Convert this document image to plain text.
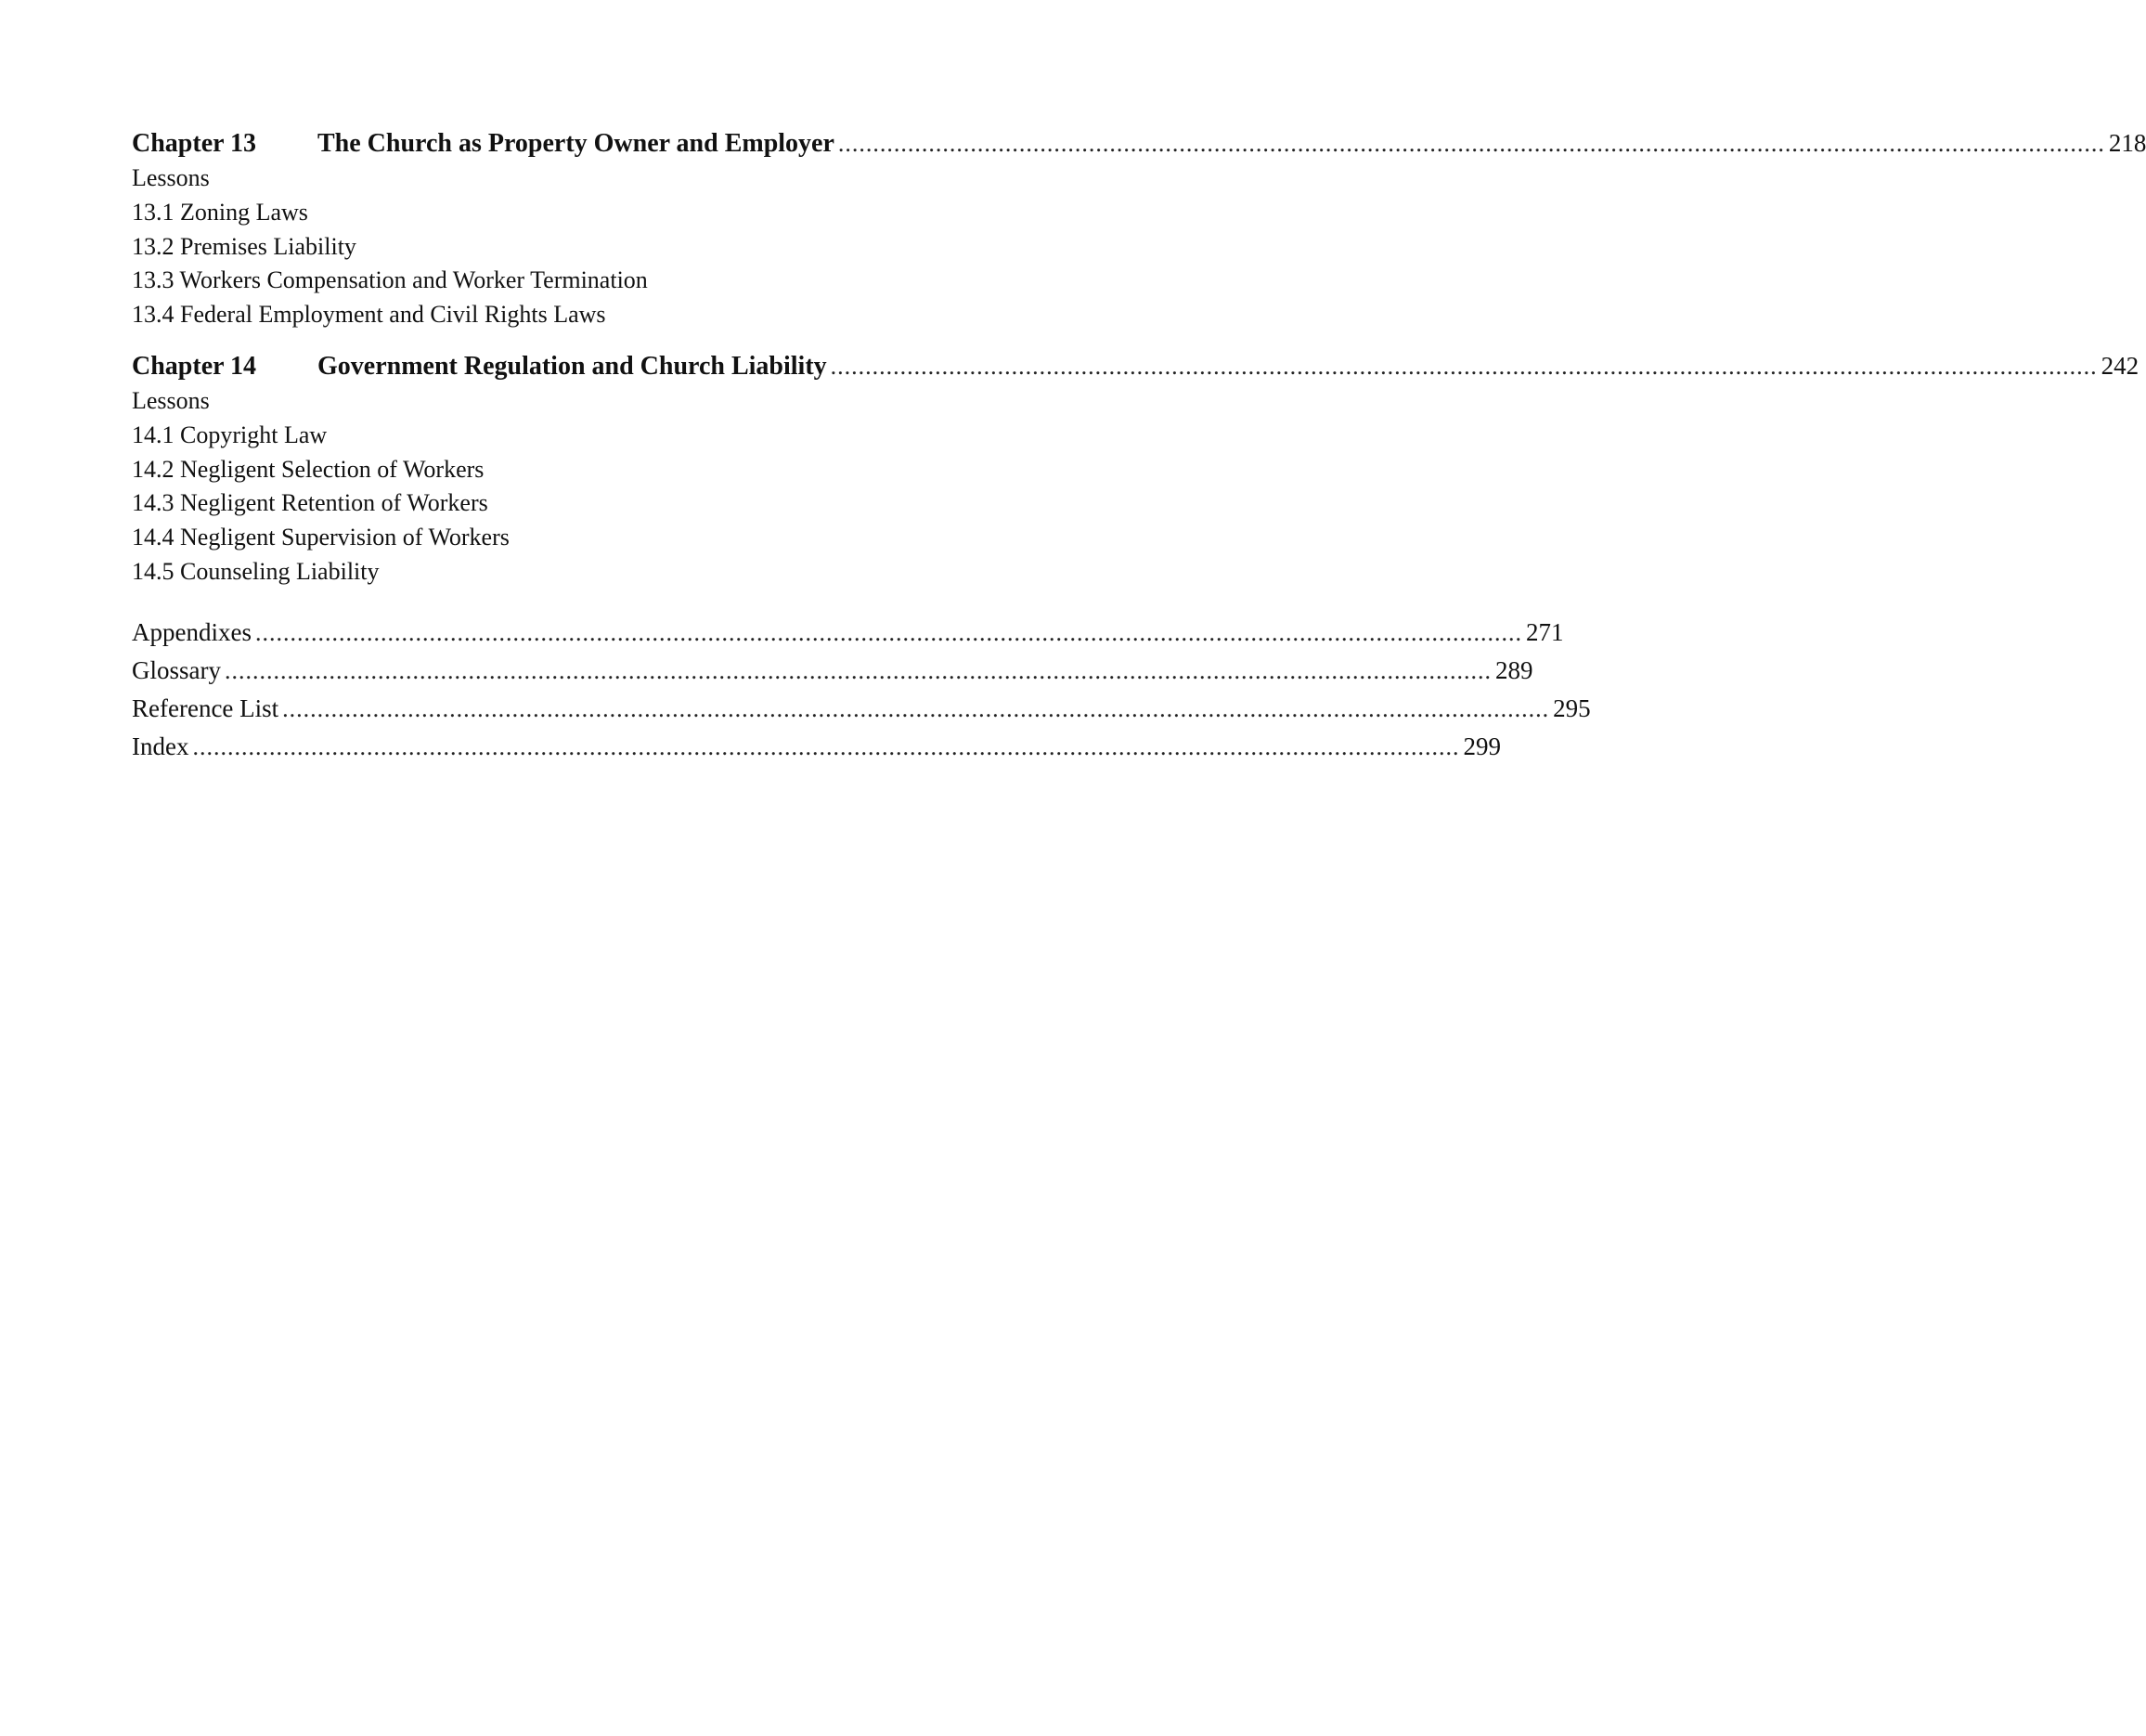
Chapter 13	The Church as Property Owner and Employer ...................................................................................................................................................................................... 218
Lessons
13.1 Zoning Laws
13.2 Premises Liability
13.3 Workers Compensation and Worker Termination
13.4 Federal Employment and Civil Rights Laws
Chapter 14	Government Regulation and Church Liability ...................................................................................................................................................................................... 242
Lessons
14.1 Copyright Law
14.2 Negligent Selection of Workers
14.3 Negligent Retention of Workers
14.4 Negligent Supervision of Workers
14.5 Counseling Liability
Appendixes ...................................................................................................................................................................................... 271
Glossary ...................................................................................................................................................................................... 289
Reference List ...................................................................................................................................................................................... 295
Index ...................................................................................................................................................................................... 299
